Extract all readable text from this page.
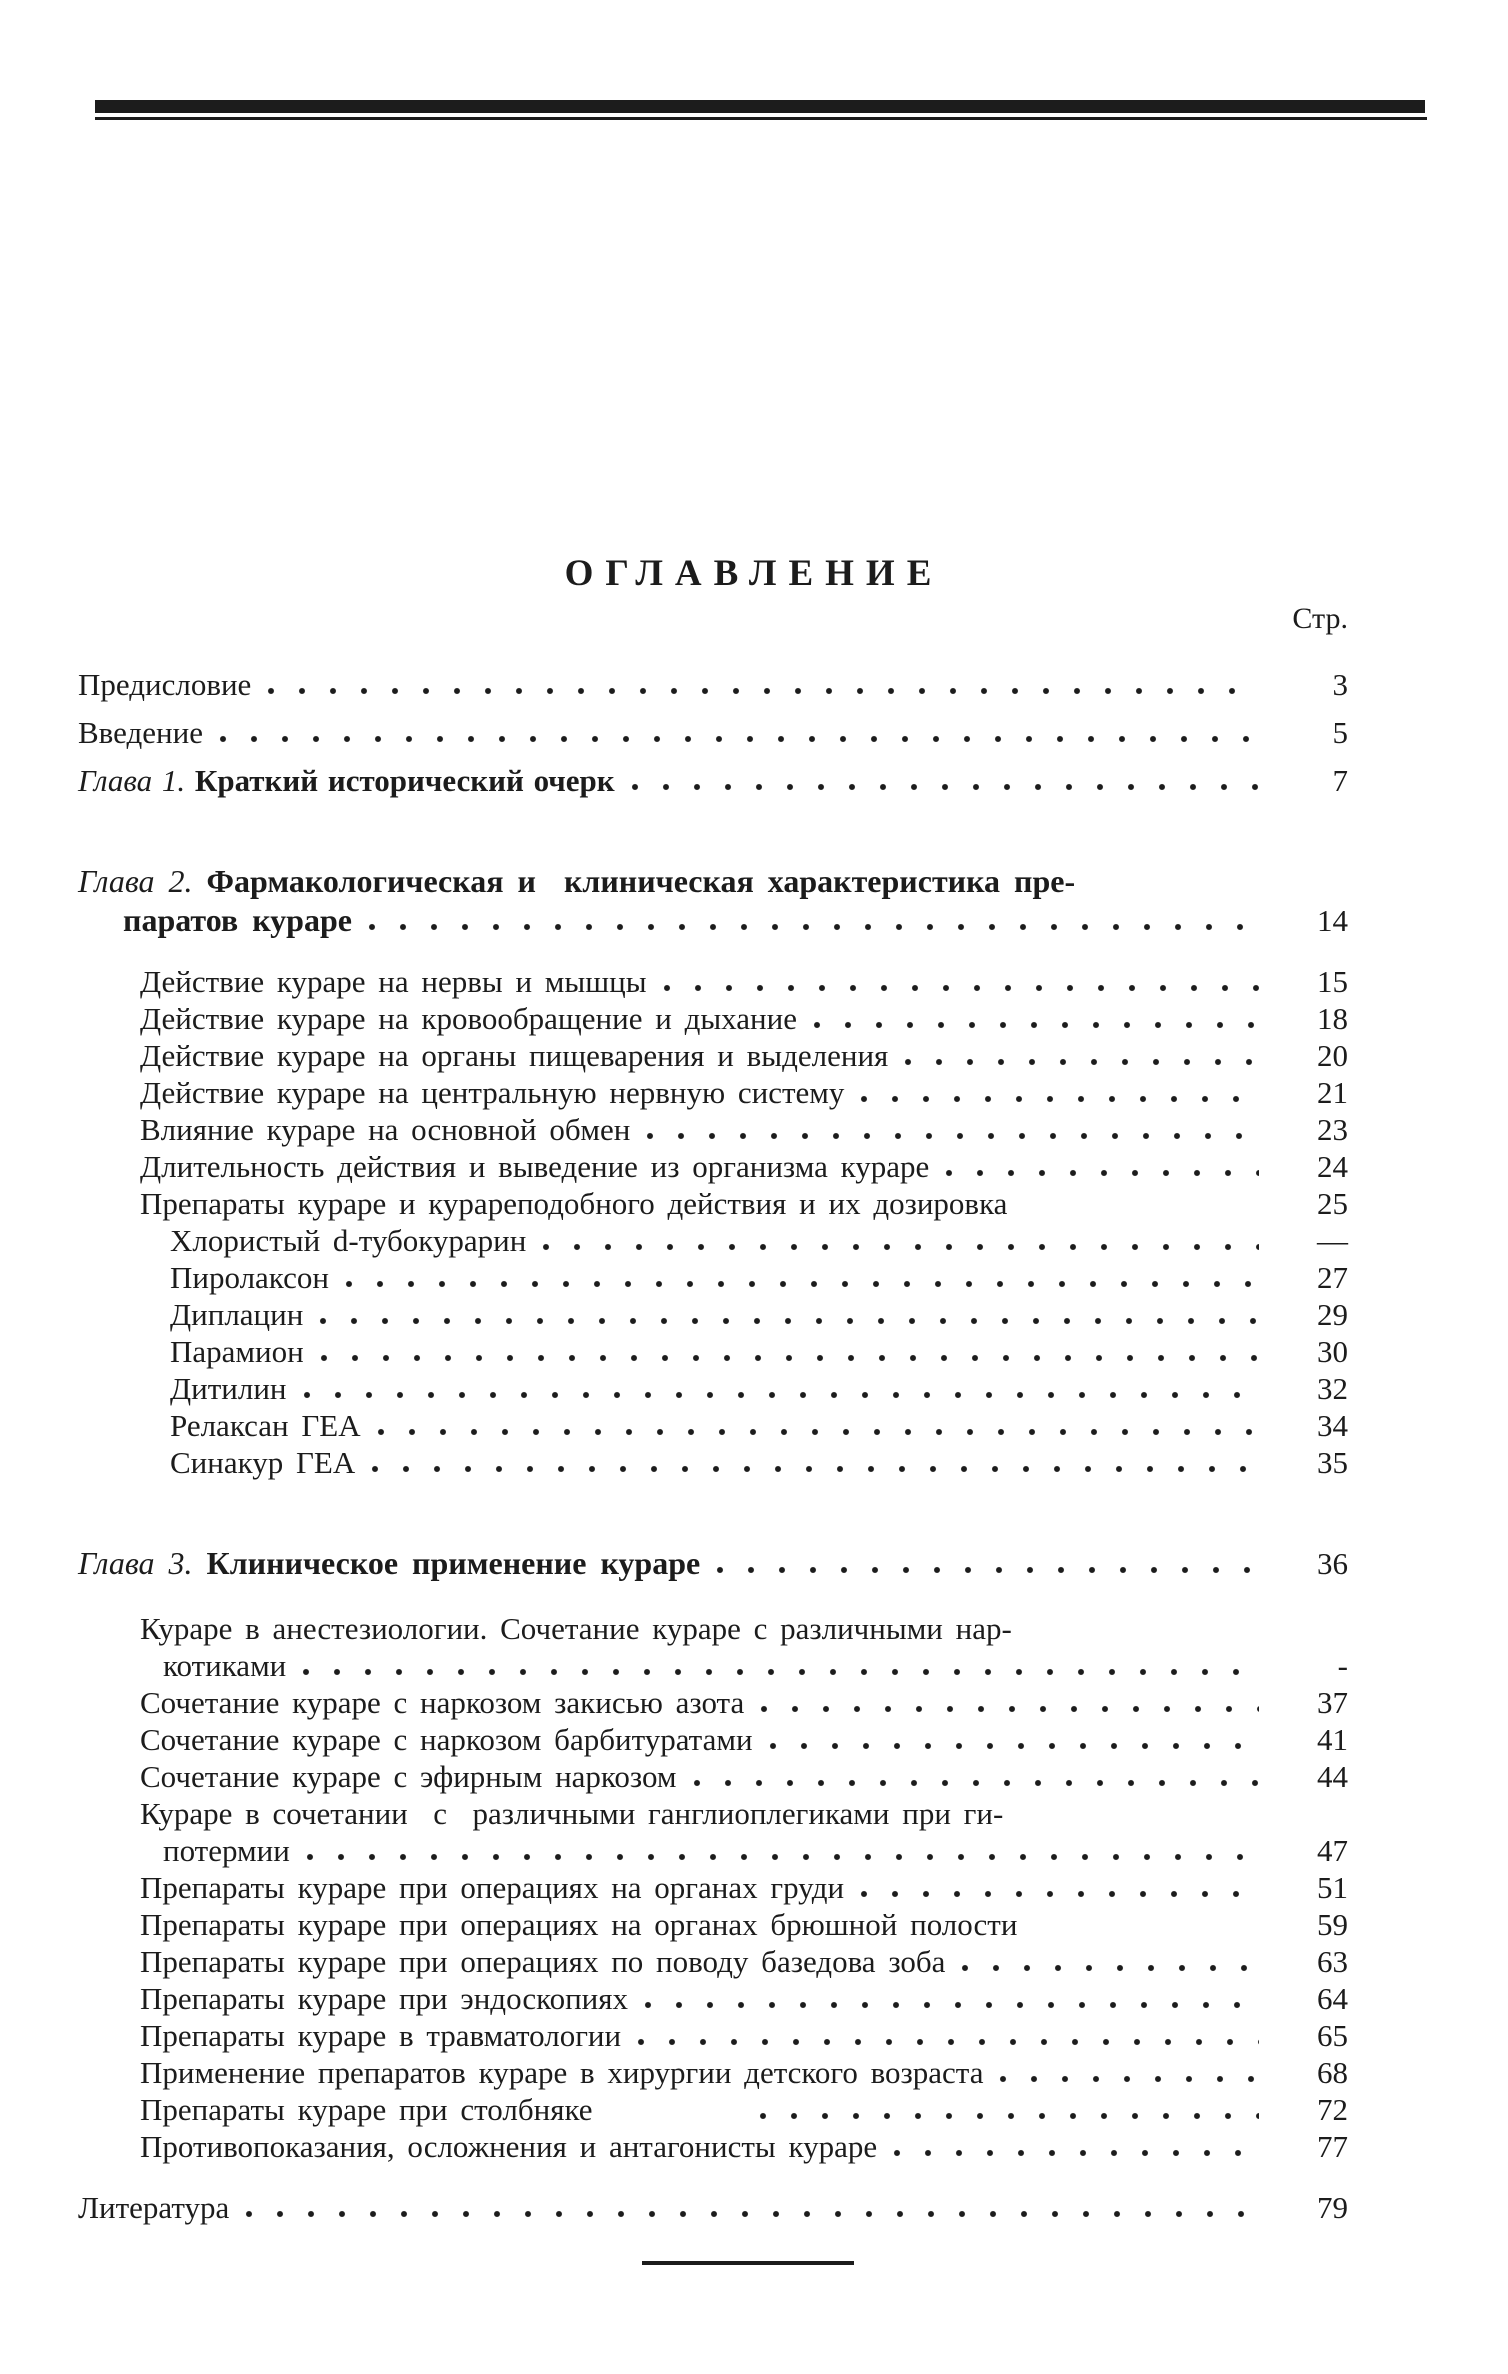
ОГЛАВЛЕНИЕ
Стр.
Предисловие	3
Введение	5
Глава 1. Краткий исторический очерк	7
Глава 2. Фармакологическая и  клиническая характеристика пре-
паратов кураре	14
Действие кураре на нервы и мышцы	15
Действие кураре на кровообращение и дыхание	18
Действие кураре на органы пищеварения и выделения	20
Действие кураре на центральную нервную систему	21
Влияние кураре на основной обмен	23
Длительность действия и выведение из организма кураре	24
Препараты кураре и курареподобного действия и их дозировка	25
Хлористый d-тубокурарин	—
Пиролаксон	27
Диплацин	29
Парамион	30
Дитилин	32
Релаксан ГЕА	34
Синакур ГЕА	35
Глава 3. Клиническое применение кураре	36
Кураре в анестезиологии. Сочетание кураре с различными нар-
котиками	-
Сочетание кураре с наркозом закисью азота	37
Сочетание кураре с наркозом барбитуратами	41
Сочетание кураре с эфирным наркозом	44
Кураре в сочетании  с  различными ганглиоплегиками при ги-
потермии	47
Препараты кураре при операциях на органах груди	51
Препараты кураре при операциях на органах брюшной полости	59
Препараты кураре при операциях по поводу базедова зоба	63
Препараты кураре при эндоскопиях	64
Препараты кураре в травматологии	65
Применение препаратов кураре в хирургии детского возраста	68
Препараты кураре при столбняке	72
Противопоказания, осложнения и антагонисты кураре	77
Литература	79
